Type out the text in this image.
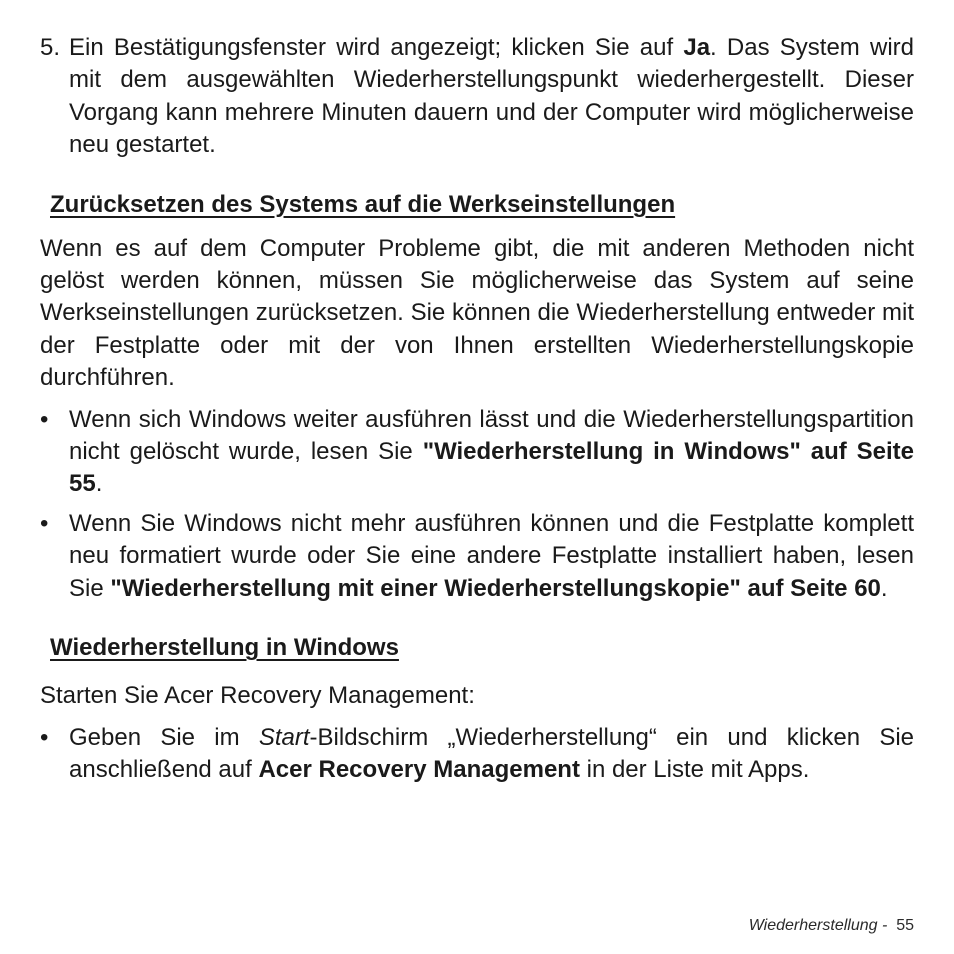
5. Ein Bestätigungsfenster wird angezeigt; klicken Sie auf Ja. Das System wird mit dem ausgewählten Wiederherstellungspunkt wiederhergestellt. Dieser Vorgang kann mehrere Minuten dauern und der Computer wird möglicherweise neu gestartet.
Zurücksetzen des Systems auf die Werkseinstellungen

Wenn es auf dem Computer Probleme gibt, die mit anderen Methoden nicht gelöst werden können, müssen Sie möglicherweise das System auf seine Werkseinstellungen zurücksetzen. Sie können die Wiederherstellung entweder mit der Festplatte oder mit der von Ihnen erstellten Wiederherstellungskopie durchführen.

• Wenn sich Windows weiter ausführen lässt und die Wiederherstellungspartition nicht gelöscht wurde, lesen Sie "Wiederherstellung in Windows" auf Seite 55.
• Wenn Sie Windows nicht mehr ausführen können und die Festplatte komplett neu formatiert wurde oder Sie eine andere Festplatte installiert haben, lesen Sie "Wiederherstellung mit einer Wiederherstellungskopie" auf Seite 60.
Wiederherstellung in Windows

Starten Sie Acer Recovery Management:

• Geben Sie im Start-Bildschirm „Wiederherstellung“ ein und klicken Sie anschließend auf Acer Recovery Management in der Liste mit Apps.
Wiederherstellung -  55
